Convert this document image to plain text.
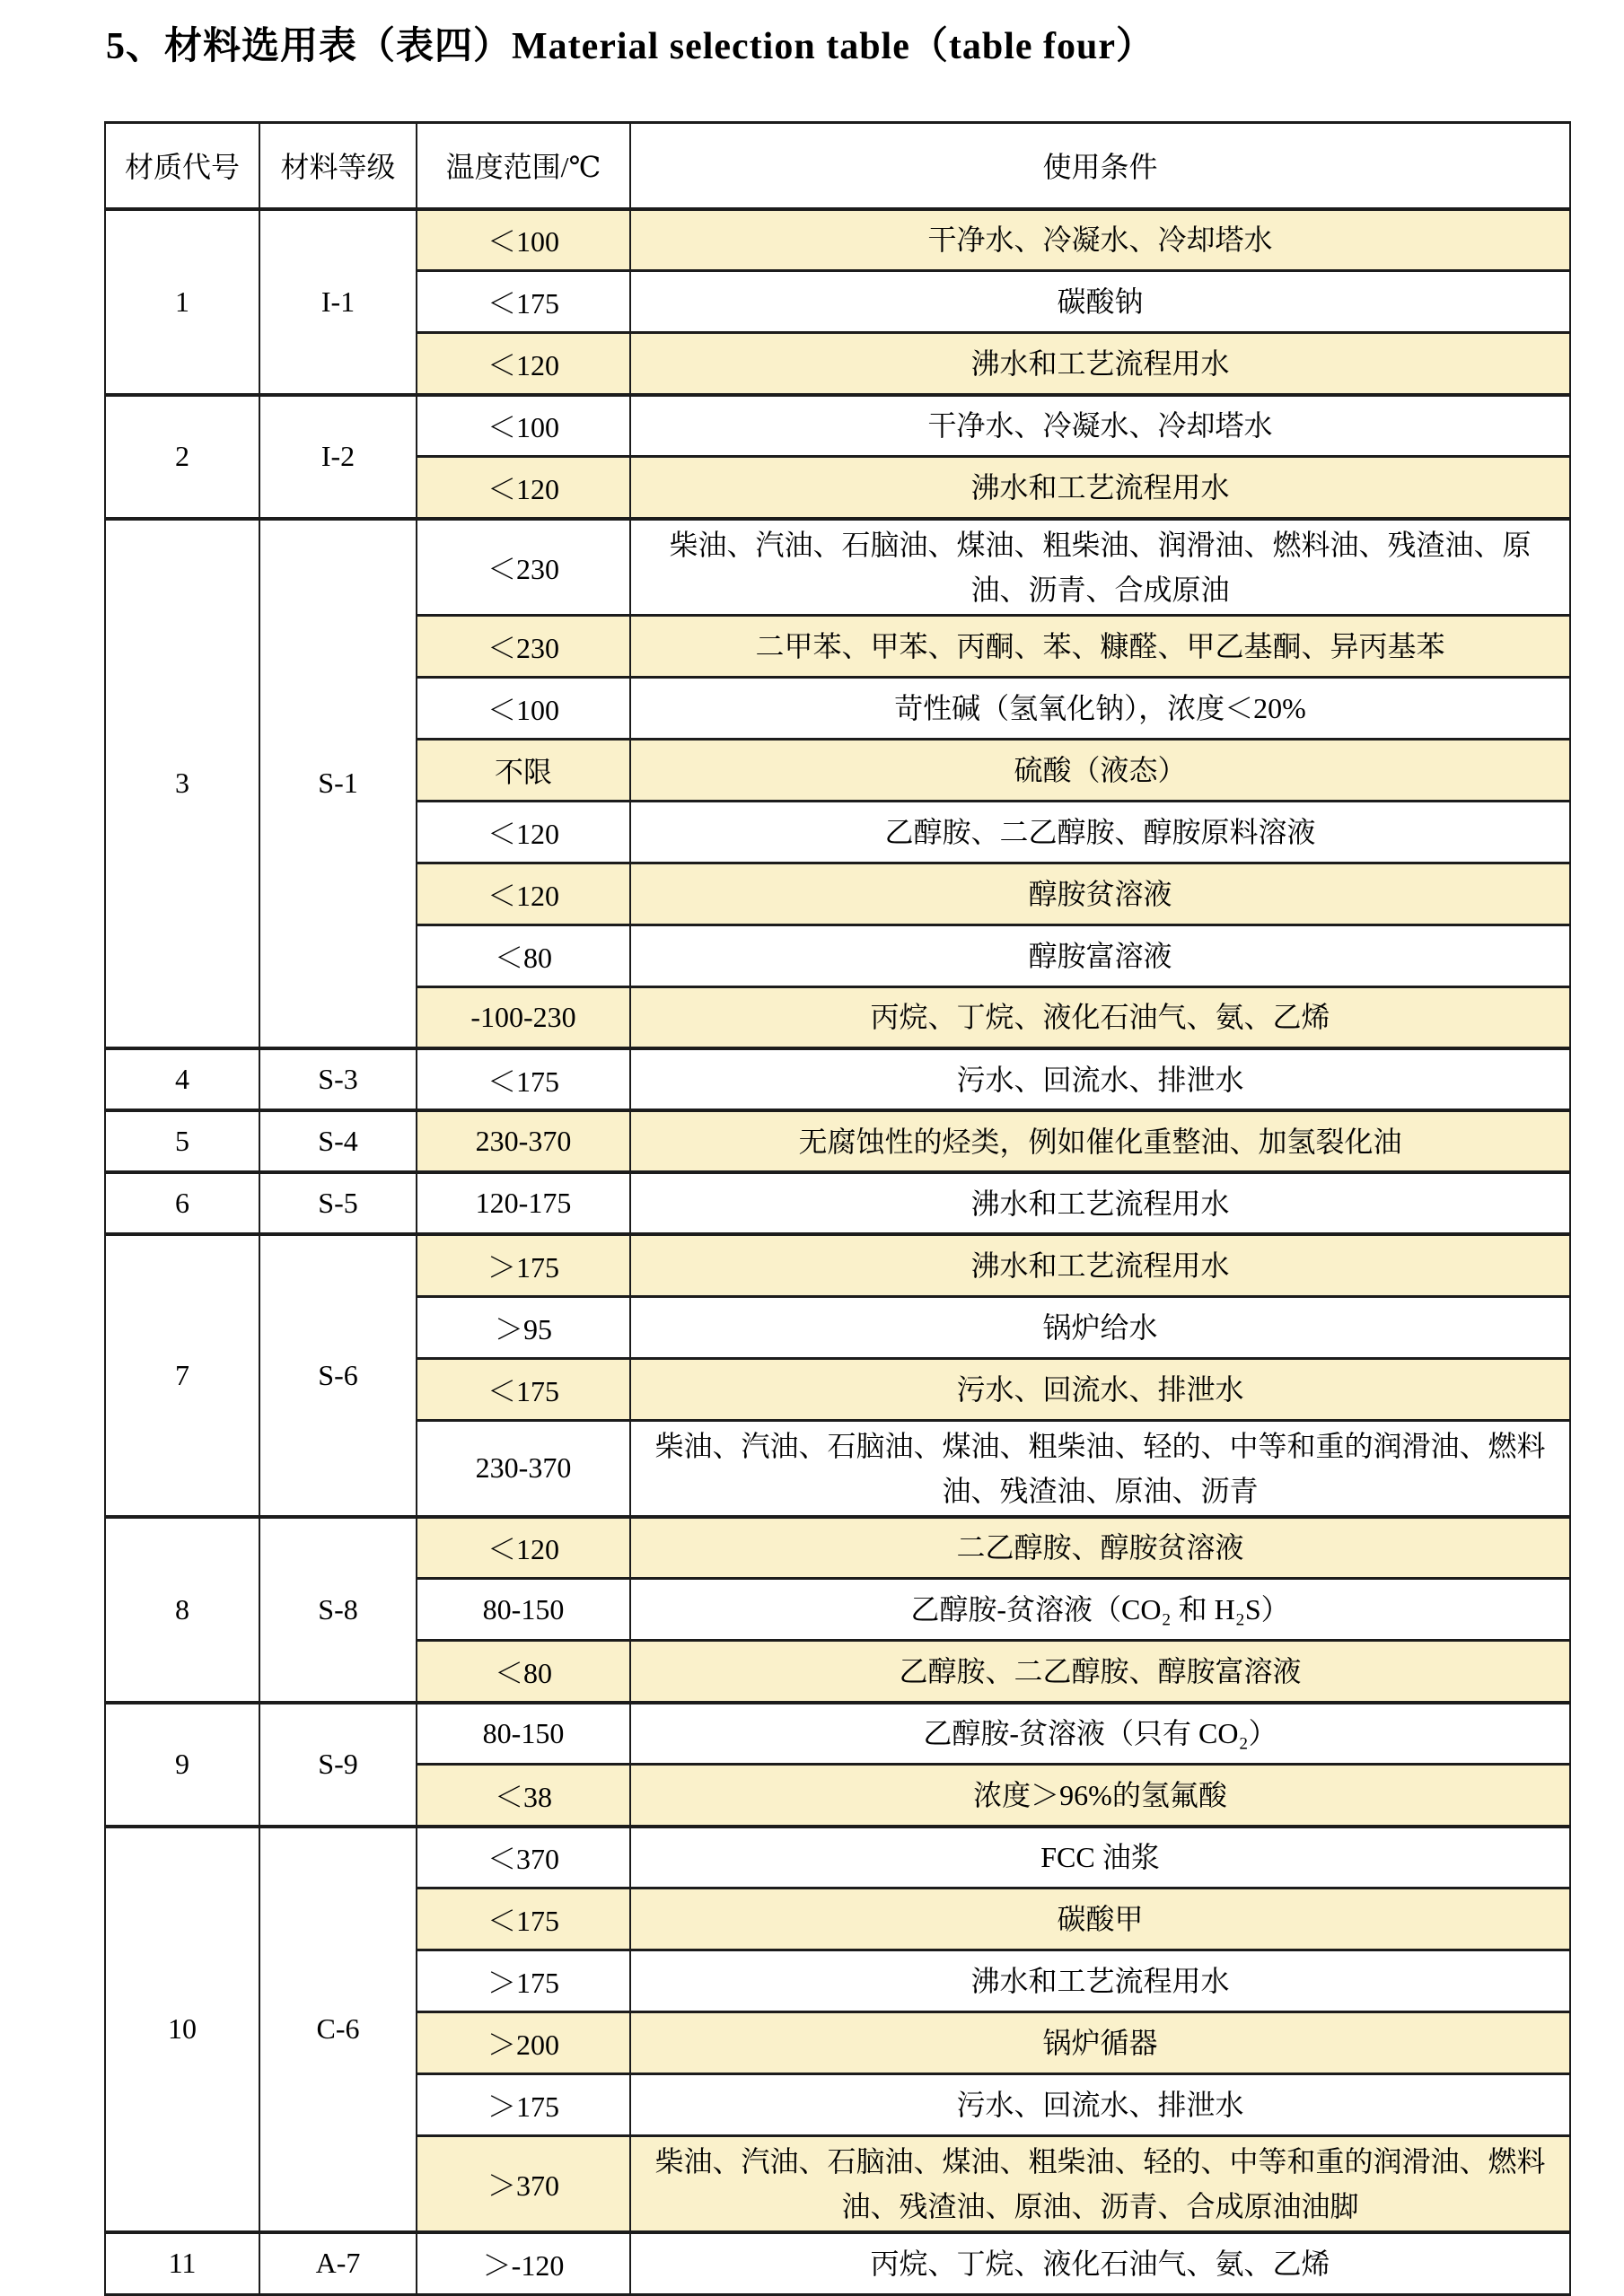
5、材料选用表（表四）Material selection table（table four）
材质代号	材料等级	温度范围/℃	使用条件
1	I-1	＜100	干净水、冷凝水、冷却塔水
		＜175	碳酸钠
		＜120	沸水和工艺流程用水
2	I-2	＜100	干净水、冷凝水、冷却塔水
		＜120	沸水和工艺流程用水
3	S-1	＜230	柴油、汽油、石脑油、煤油、粗柴油、润滑油、燃料油、残渣油、原油、沥青、合成原油
		＜230	二甲苯、甲苯、丙酮、苯、糠醛、甲乙基酮、异丙基苯
		＜100	苛性碱（氢氧化钠），浓度＜20%
		不限	硫酸（液态）
		＜120	乙醇胺、二乙醇胺、醇胺原料溶液
		＜120	醇胺贫溶液
		＜80	醇胺富溶液
		-100-230	丙烷、丁烷、液化石油气、氨、乙烯
4	S-3	＜175	污水、回流水、排泄水
5	S-4	230-370	无腐蚀性的烃类，例如催化重整油、加氢裂化油
6	S-5	120-175	沸水和工艺流程用水
7	S-6	＞175	沸水和工艺流程用水
		＞95	锅炉给水
		＜175	污水、回流水、排泄水
		230-370	柴油、汽油、石脑油、煤油、粗柴油、轻的、中等和重的润滑油、燃料油、残渣油、原油、沥青
8	S-8	＜120	二乙醇胺、醇胺贫溶液
		80-150	乙醇胺-贫溶液（CO₂ 和 H₂S）
		＜80	乙醇胺、二乙醇胺、醇胺富溶液
9	S-9	80-150	乙醇胺-贫溶液（只有 CO₂）
		＜38	浓度＞96%的氢氟酸
10	C-6	＜370	FCC 油浆
		＜175	碳酸甲
		＞175	沸水和工艺流程用水
		＞200	锅炉循器
		＞175	污水、回流水、排泄水
		＞370	柴油、汽油、石脑油、煤油、粗柴油、轻的、中等和重的润滑油、燃料油、残渣油、原油、沥青、合成原油油脚
11	A-7	＞-120	丙烷、丁烷、液化石油气、氨、乙烯
